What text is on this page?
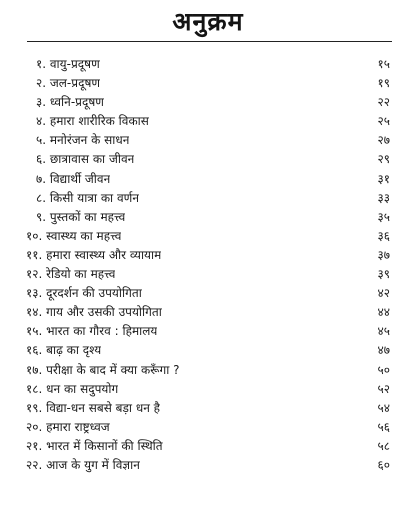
अनुक्रम
१. वायु-प्रदूषण	१५
२. जल-प्रदूषण	१९
३. ध्वनि-प्रदूषण	२२
४. हमारा शारीरिक विकास	२५
५. मनोरंजन के साधन	२७
६. छात्रावास का जीवन	२९
७. विद्यार्थी जीवन	३१
८. किसी यात्रा का वर्णन	३३
९. पुस्तकों का महत्त्व	३५
१०. स्वास्थ्य का महत्त्व	३६
११. हमारा स्वास्थ्य और व्यायाम	३७
१२. रेडियो का महत्त्व	३९
१३. दूरदर्शन की उपयोगिता	४२
१४. गाय और उसकी उपयोगिता	४४
१५. भारत का गौरव : हिमालय	४५
१६. बाढ़ का दृश्य	४७
१७. परीक्षा के बाद में क्या करूँगा ?	५०
१८. धन का सदुपयोग	५२
१९. विद्या-धन सबसे बड़ा धन है	५४
२०. हमारा राष्ट्रध्वज	५६
२१. भारत में किसानों की स्थिति	५८
२२. आज के युग में विज्ञान	६०
